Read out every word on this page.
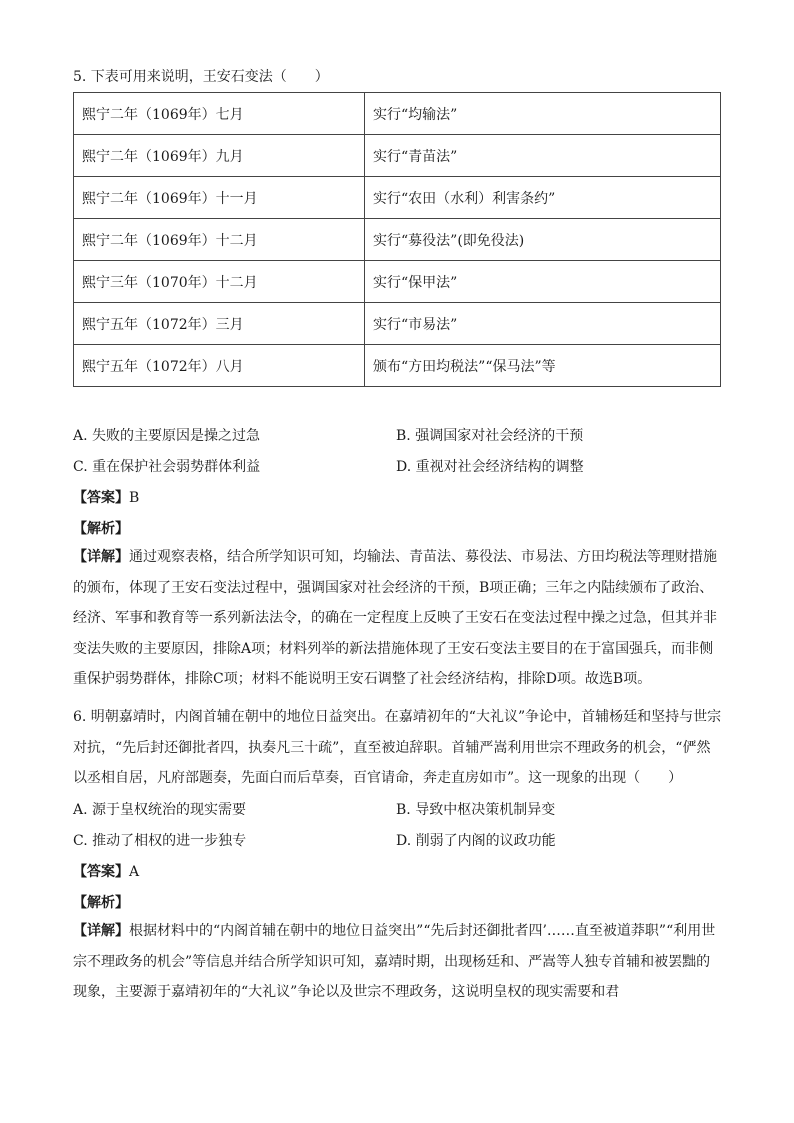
5. 下表可用来说明，王安石变法（　　）
熙宁二年（1069年）七月	实行“均输法”
熙宁二年（1069年）九月	实行“青苗法”
熙宁二年（1069年）十一月	实行“农田（水利）利害条约”
熙宁二年（1069年）十二月	实行“募役法”(即免役法)
熙宁三年（1070年）十二月	实行“保甲法”
熙宁五年（1072年）三月	实行“市易法”
熙宁五年（1072年）八月	颁布“方田均税法”“保马法”等
A. 失败的主要原因是操之过急	B. 强调国家对社会经济的干预
C. 重在保护社会弱势群体利益	D. 重视对社会经济结构的调整
【答案】B
【解析】
【详解】通过观察表格，结合所学知识可知，均输法、青苗法、募役法、市易法、方田均税法等理财措施的颁布，体现了王安石变法过程中，强调国家对社会经济的干预，B项正确；三年之内陆续颁布了政治、经济、军事和教育等一系列新法法令，的确在一定程度上反映了王安石在变法过程中操之过急，但其并非变法失败的主要原因，排除A项；材料列举的新法措施体现了王安石变法主要目的在于富国强兵，而非侧重保护弱势群体，排除C项；材料不能说明王安石调整了社会经济结构，排除D项。故选B项。
6. 明朝嘉靖时，内阁首辅在朝中的地位日益突出。在嘉靖初年的“大礼议”争论中，首辅杨廷和坚持与世宗对抗，“先后封还御批者四，执奏凡三十疏”，直至被迫辞职。首辅严嵩利用世宗不理政务的机会，“俨然以丞相自居，凡府部题奏，先面白而后草奏，百官请命，奔走直房如市”。这一现象的出现（　　）
A. 源于皇权统治的现实需要	B. 导致中枢决策机制异变
C. 推动了相权的进一步独专	D. 削弱了内阁的议政功能
【答案】A
【解析】
【详解】根据材料中的“内阁首辅在朝中的地位日益突出”“先后封还御批者四’……直至被道莽职”“利用世宗不理政务的机会”等信息并结合所学知识可知，嘉靖时期，出现杨廷和、严嵩等人独专首辅和被罢黜的现象，主要源于嘉靖初年的“大礼议”争论以及世宗不理政务，这说明皇权的现实需要和君
